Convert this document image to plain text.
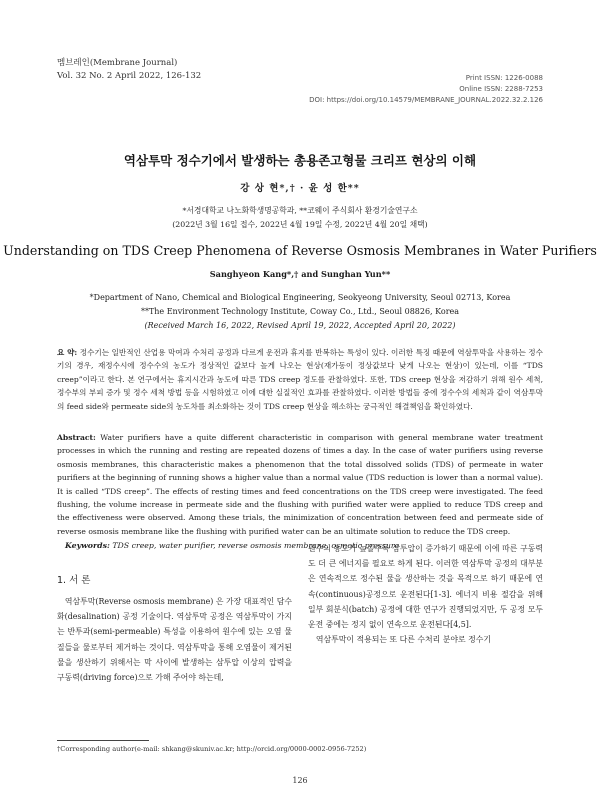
멤브레인(Membrane Journal)
Vol. 32 No. 2 April 2022, 126-132	Print ISSN: 1226-0088
Online ISSN: 2288-7253
DOI: https://doi.org/10.14579/MEMBRANE_JOURNAL.2022.32.2.126
역삼투막 정수기에서 발생하는 총용존고형물 크리프 현상의 이해
강 상 현*,† · 윤 성 한**
*서경대학교 나노화학생명공학과, **코웨이 주식회사 환경기술연구소
(2022년 3월 16일 접수, 2022년 4월 19일 수정, 2022년 4월 20일 채택)
Understanding on TDS Creep Phenomena of Reverse Osmosis Membranes in Water Purifiers
Sanghyeon Kang*,† and Sunghan Yun**
*Department of Nano, Chemical and Biological Engineering, Seokyeong University, Seoul 02713, Korea
**The Environment Technology Institute, Coway Co., Ltd., Seoul 08826, Korea
(Received March 16, 2022, Revised April 19, 2022, Accepted April 20, 2022)
요 약: 정수기는 일반적인 산업용 막여과 수처리 공정과 다르게 운전과 휴지를 반복하는 특성이 있다. 이러한 특징 때문에 역삼투막을 사용하는 정수기의 경우, 재정수시에 정수수의 농도가 정상적인 값보다 높게 나오는 현상(재가동이 정상값보다 낮게 나오는 현상)이 있는데, 이를 “TDS creep”이라고 한다. 본 연구에서는 휴지시간과 농도에 따른 TDS creep 정도를 관찰하였다. 또한, TDS creep 현상을 저감하기 위해 원수 세척, 정수부의 부피 증가 및 정수 세척 방법 등을 시험하였고 이에 대한 실질적인 효과를 관찰하였다. 이러한 방법들 중에 정수수의 세척과 같이 역삼투막의 feed side와 permeate side의 농도차를 최소화하는 것이 TDS creep 현상을 해소하는 궁극적인 해결책임을 확인하였다.
Abstract: Water purifiers have a quite different characteristic in comparison with general membrane water treatment processes in which the running and resting are repeated dozens of times a day. In the case of water purifiers using reverse osmosis membranes, this characteristic makes a phenomenon that the total dissolved solids (TDS) of permeate in water purifiers at the beginning of running shows a higher value than a normal value (TDS reduction is lower than a normal value). It is called “TDS creep”. The effects of resting times and feed concentrations on the TDS creep were investigated. The feed flushing, the volume increase in permeate side and the flushing with purified water were applied to reduce TDS creep and the effectiveness were observed. Among these trials, the minimization of concentration between feed and permeate side of reverse osmosis membrane like the flushing with purified water can be an ultimate solution to reduce the TDS creep.
Keywords: TDS creep, water purifier, reverse osmosis membrane, osmotic pressure
1. 서 론
역삼투막(Reverse osmosis membrane) 은 가장 대표적인 담수화(desalination) 공정 기술이다. 역삼투막 공정은 역삼투막이 가지는 반투과(semi-permeable) 특성을 이용하여 원수에 있는 오염 물질들을 물로부터 제거하는 것이다. 역삼투막을 통해 오염물이 제거된 물을 생산하기 위해서는 막 사이에 발생하는 삼투압 이상의 압력을 구동력(driving force)으로 가해 주어야 하는데,

원수의 농도가 높을수록 삼투압이 증가하기 때문에 이에 따른 구동력도 더 큰 에너지를 필요로 하게 된다. 이러한 역삼투막 공정의 대부분은 연속적으로 정수된 물을 생산하는 것을 목적으로 하기 때문에 연속(continuous)공정으로 운전된다[1-3]. 에너지 비용 절감을 위해 일부 회분식(batch) 공정에 대한 연구가 진행되었지만, 두 공정 모두 운전 중에는 정지 없이 연속으로 운전된다[4,5].

역삼투막이 적용되는 또 다른 수처리 분야로 정수기

†Corresponding author(e-mail: shkang@skuniv.ac.kr; http://orcid.org/0000-0002-0956-7252)
126
